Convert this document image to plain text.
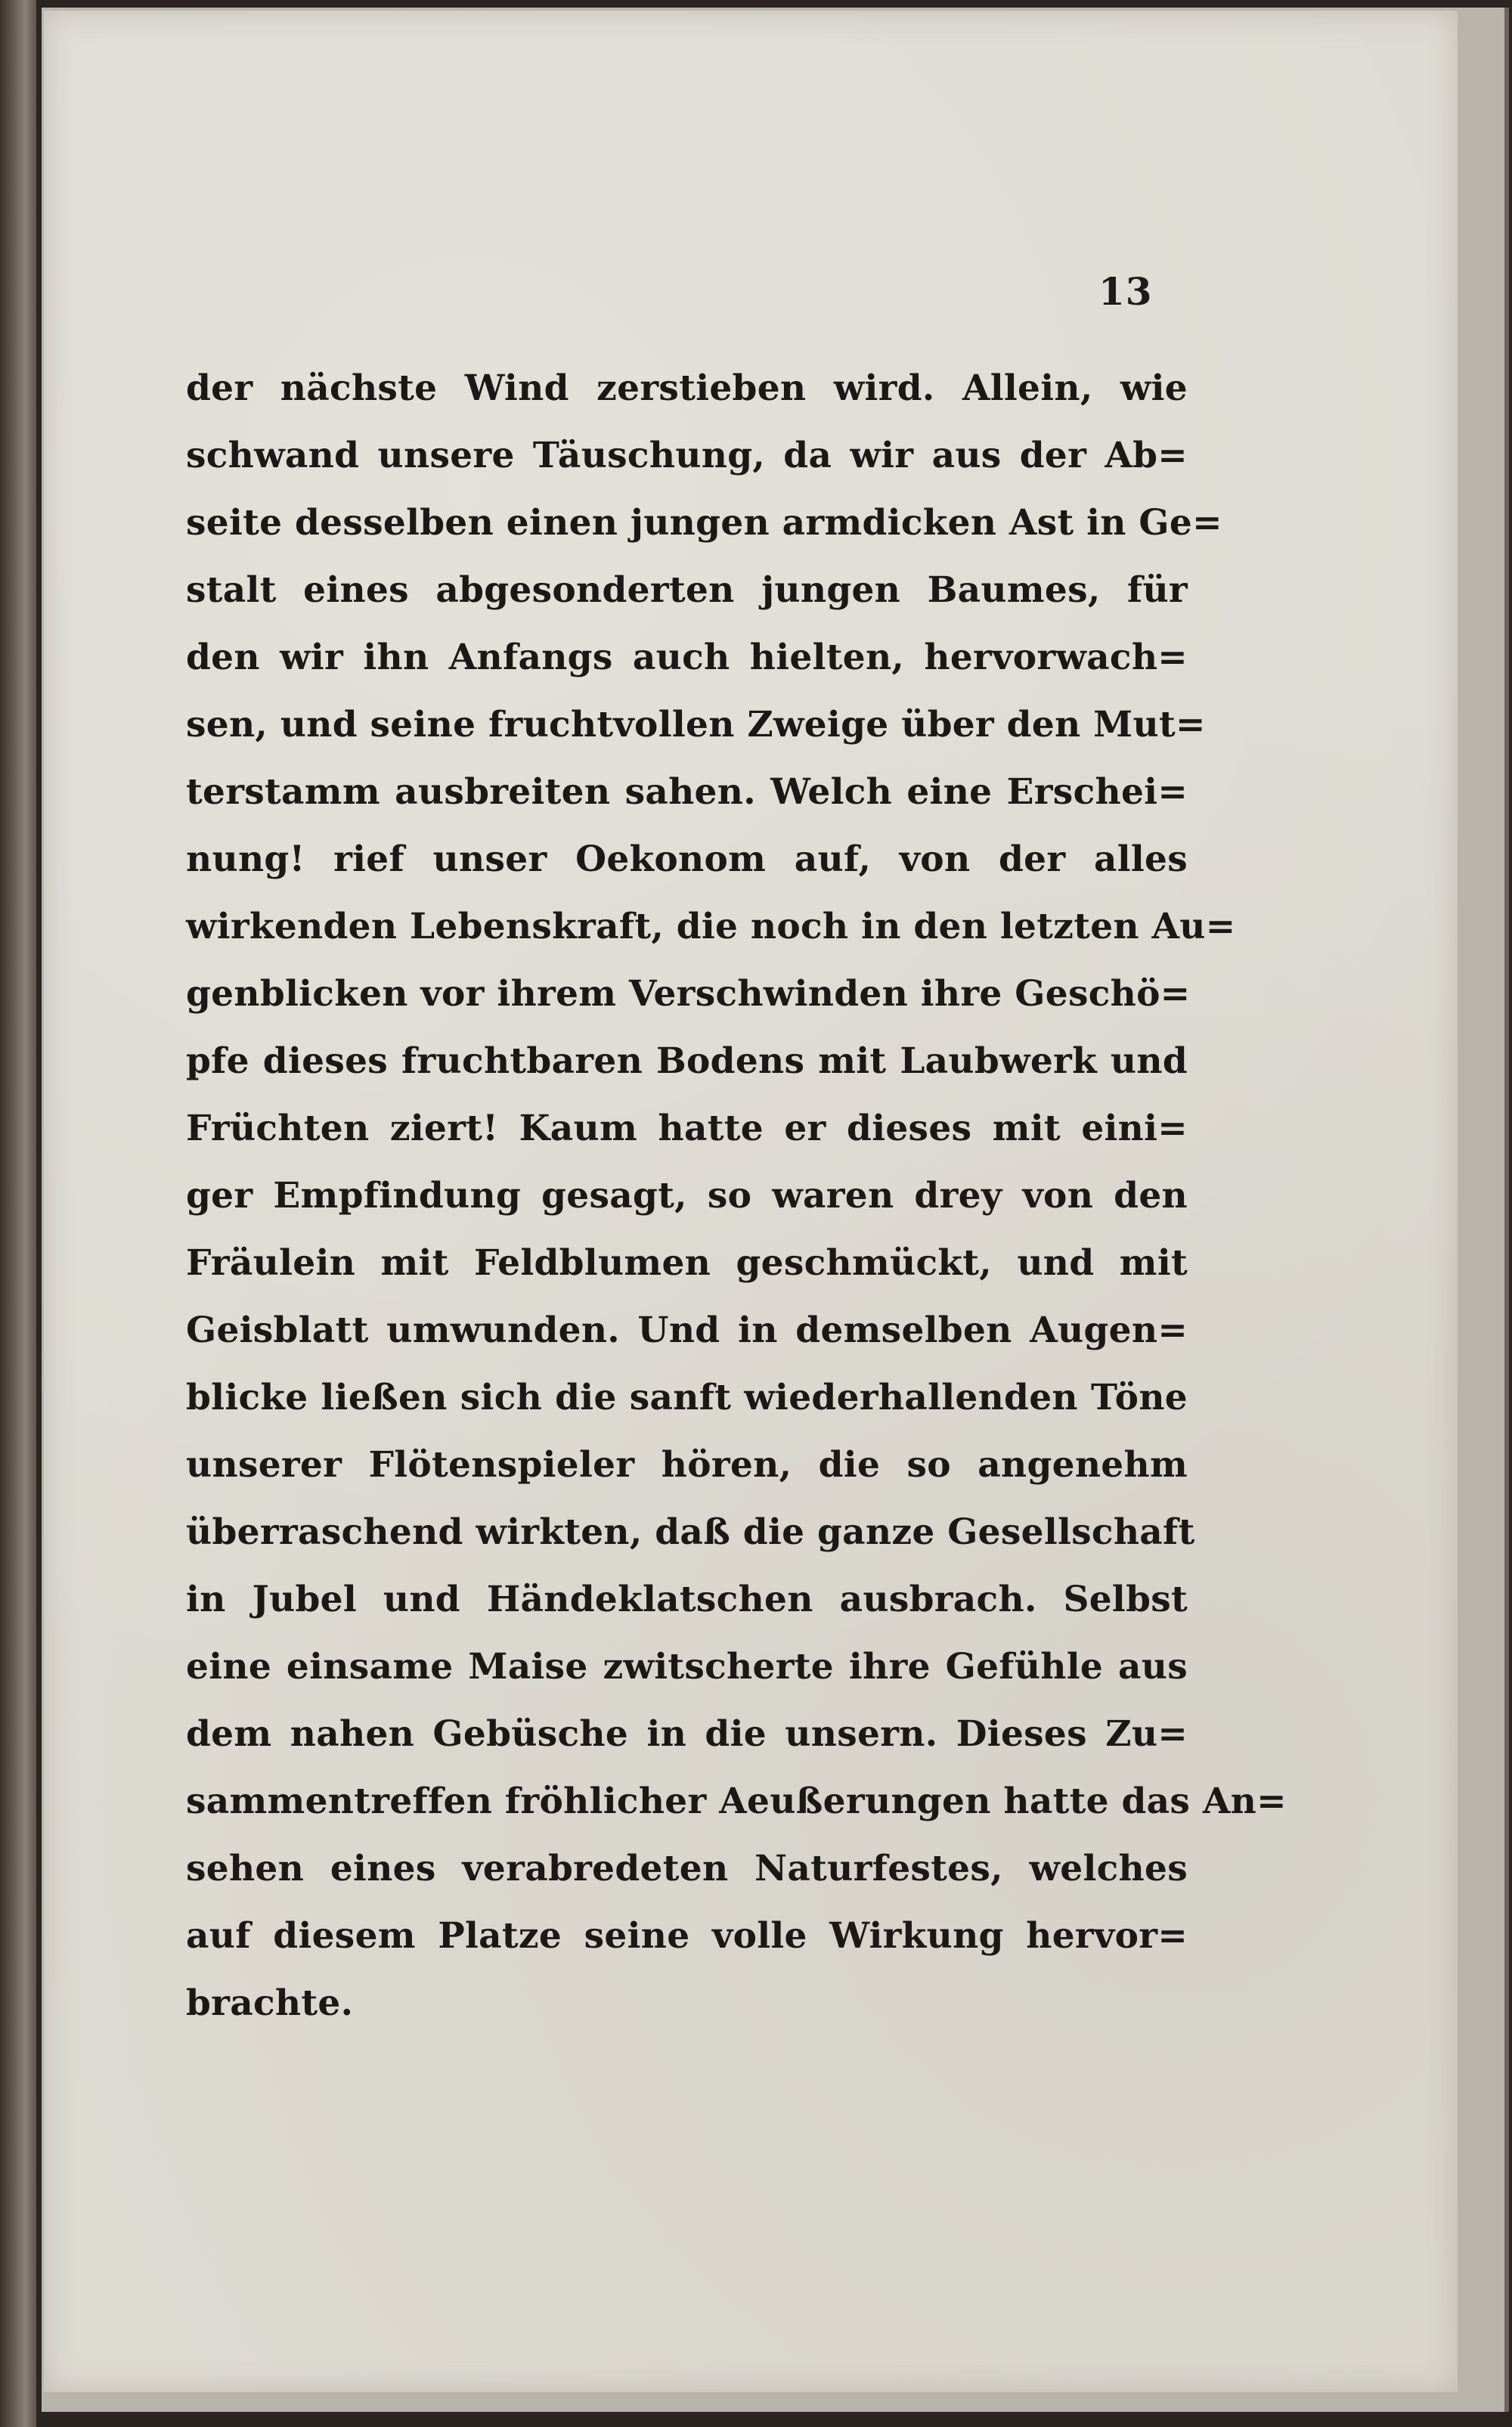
13
der nächste Wind zerstieben wird. Allein, wie
schwand unsere Täuschung, da wir aus der Ab=
seite desselben einen jungen armdicken Ast in Ge=
stalt eines abgesonderten jungen Baumes, für
den wir ihn Anfangs auch hielten, hervorwach=
sen, und seine fruchtvollen Zweige über den Mut=
terstamm ausbreiten sahen. Welch eine Erschei=
nung! rief unser Oekonom auf, von der alles
wirkenden Lebenskraft, die noch in den letzten Au=
genblicken vor ihrem Verschwinden ihre Geschö=
pfe dieses fruchtbaren Bodens mit Laubwerk und
Früchten ziert! Kaum hatte er dieses mit eini=
ger Empfindung gesagt, so waren drey von den
Fräulein mit Feldblumen geschmückt, und mit
Geisblatt umwunden. Und in demselben Augen=
blicke ließen sich die sanft wiederhallenden Töne
unserer Flötenspieler hören, die so angenehm
überraschend wirkten, daß die ganze Gesellschaft
in Jubel und Händeklatschen ausbrach. Selbst
eine einsame Maise zwitscherte ihre Gefühle aus
dem nahen Gebüsche in die unsern. Dieses Zu=
sammentreffen fröhlicher Aeußerungen hatte das An=
sehen eines verabredeten Naturfestes, welches
auf diesem Platze seine volle Wirkung hervor=
brachte.
